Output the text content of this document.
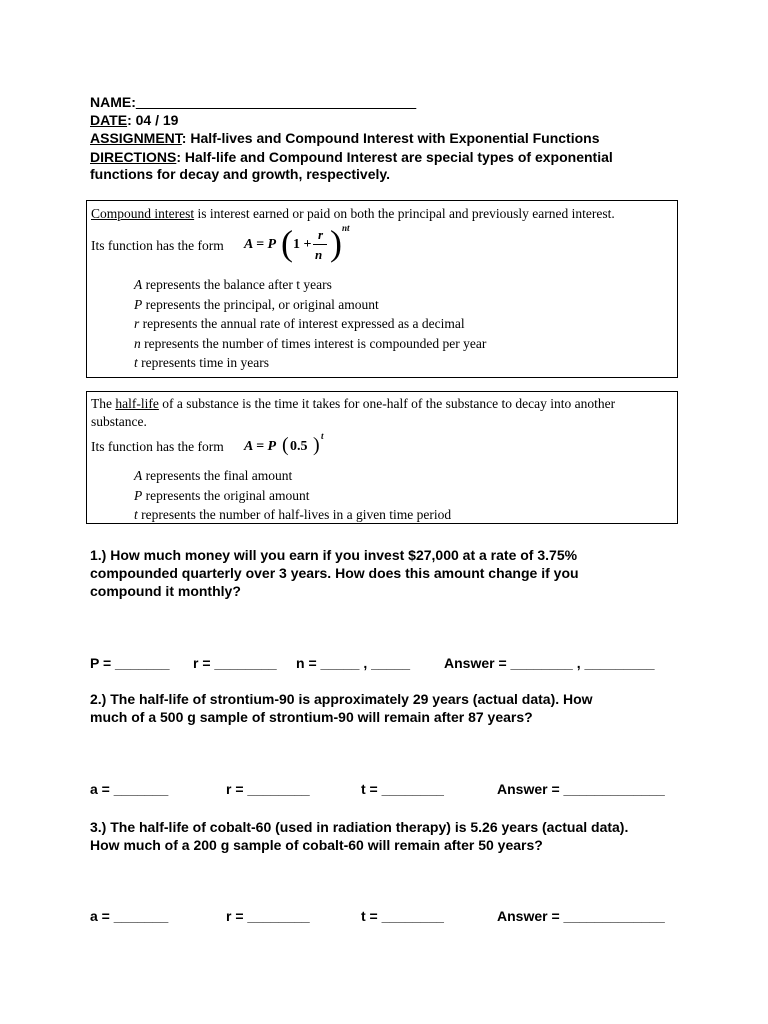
NAME:____________________________________
DATE: 04 / 19
ASSIGNMENT: Half-lives and Compound Interest with Exponential Functions
DIRECTIONS: Half-life and Compound Interest are special types of exponential
functions for decay and growth, respectively.
Compound interest is interest earned or paid on both the principal and previously earned interest.
Its function has the form A = P ( 1 +
r
n ) nt
A represents the balance after t years
P represents the principal, or original amount
r represents the annual rate of interest expressed as a decimal
n represents the number of times interest is compounded per year
t represents time in years
The half-life of a substance is the time it takes for one-half of the substance to decay into another
substance.
Its function has the form A = P ( 0.5 ) t
A represents the final amount
P represents the original amount
t represents the number of half-lives in a given time period
1.) How much money will you earn if you invest $27,000 at a rate of 3.75%
compounded quarterly over 3 years. How does this amount change if you
compound it monthly?
P = _______ r = ________ n = _____ , _____ Answer = ________ , _________
2.) The half-life of strontium-90 is approximately 29 years (actual data). How
much of a 500 g sample of strontium-90 will remain after 87 years?
a = _______	r = ________	t = ________	Answer = _____________
3.) The half-life of cobalt-60 (used in radiation therapy) is 5.26 years (actual data).
How much of a 200 g sample of cobalt-60 will remain after 50 years?
a = _______	r = ________	t = ________	Answer = _____________
